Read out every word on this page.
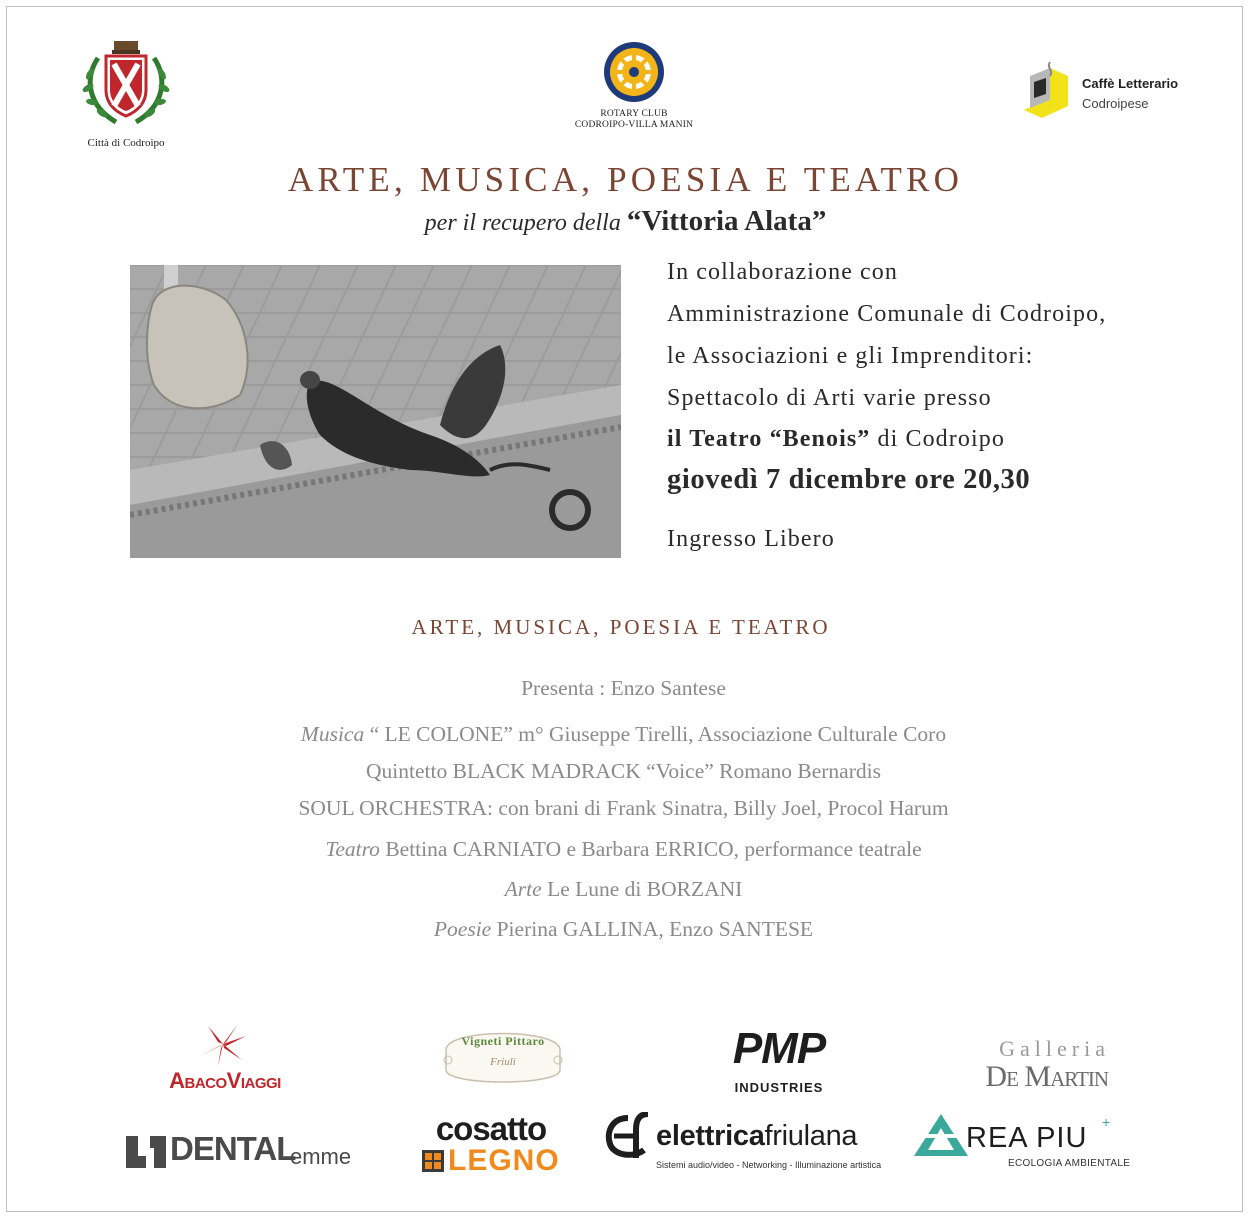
Città di Codroipo
ROTARY CLUB
CODROIPO-VILLA MANIN
Caffè Letterario
Codroipese
ARTE, MUSICA, POESIA E TEATRO
per il recupero della “Vittoria Alata”
In collaborazione con
Amministrazione Comunale di Codroipo,
le Associazioni e gli Imprenditori:
Spettacolo di Arti varie presso
il Teatro “Benois” di Codroipo
giovedì 7 dicembre ore 20,30
Ingresso Libero
ARTE, MUSICA, POESIA E TEATRO
Presenta : Enzo Santese
Musica “ LE COLONE” m° Giuseppe Tirelli, Associazione Culturale Coro
Quintetto BLACK MADRACK “Voice” Romano Bernardis
SOUL ORCHESTRA: con brani di Frank Sinatra, Billy Joel, Procol Harum
Teatro Bettina CARNIATO e Barbara ERRICO, performance teatrale
Arte Le Lune di BORZANI
Poesie Pierina GALLINA, Enzo SANTESE
AbacoViaggi
Vigneti Pittaro
Friuli	PMP
INDUSTRIES
Galleria
De Martin
DENTAL
emme
cosatto
LEGNO
elettricafriulana
Sistemi audio/video - Networking - Illuminazione artistica
REA PIU +
ECOLOGIA AMBIENTALE
